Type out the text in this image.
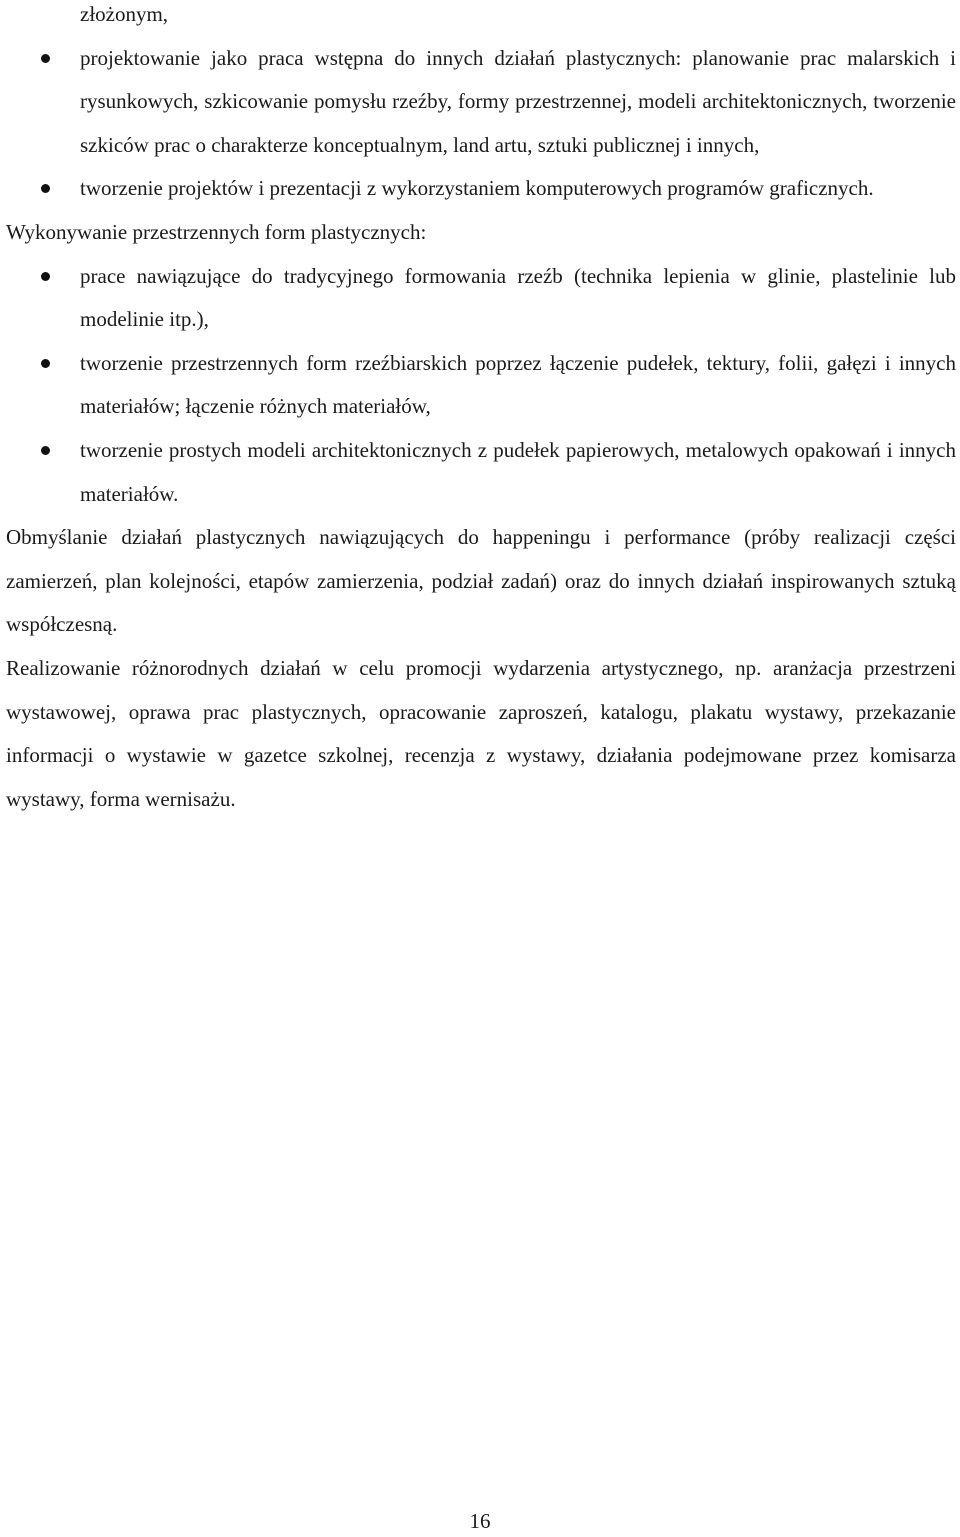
złożonym,

projektowanie jako praca wstępna do innych działań plastycznych: planowanie prac malarskich i rysunkowych, szkicowanie pomysłu rzeźby, formy przestrzennej, modeli architektonicznych, tworzenie szkiców prac o charakterze konceptualnym, land artu, sztuki publicznej i innych,
tworzenie projektów i prezentacji z wykorzystaniem komputerowych programów graficznych.

Wykonywanie przestrzennych form plastycznych:

prace nawiązujące do tradycyjnego formowania rzeźb (technika lepienia w glinie, plastelinie lub modelinie itp.),
tworzenie przestrzennych form rzeźbiarskich poprzez łączenie pudełek, tektury, folii, gałęzi i innych materiałów; łączenie różnych materiałów,
tworzenie prostych modeli architektonicznych z pudełek papierowych, metalowych opakowań i innych materiałów.

Obmyślanie działań plastycznych nawiązujących do happeningu i performance (próby realizacji części zamierzeń, plan kolejności, etapów zamierzenia, podział zadań) oraz do innych działań inspirowanych sztuką współczesną.

Realizowanie różnorodnych działań w celu promocji wydarzenia artystycznego, np. aranżacja przestrzeni wystawowej, oprawa prac plastycznych, opracowanie zaproszeń, katalogu, plakatu wystawy, przekazanie informacji o wystawie w gazetce szkolnej, recenzja z wystawy, działania podejmowane przez komisarza wystawy, forma wernisażu.

16
